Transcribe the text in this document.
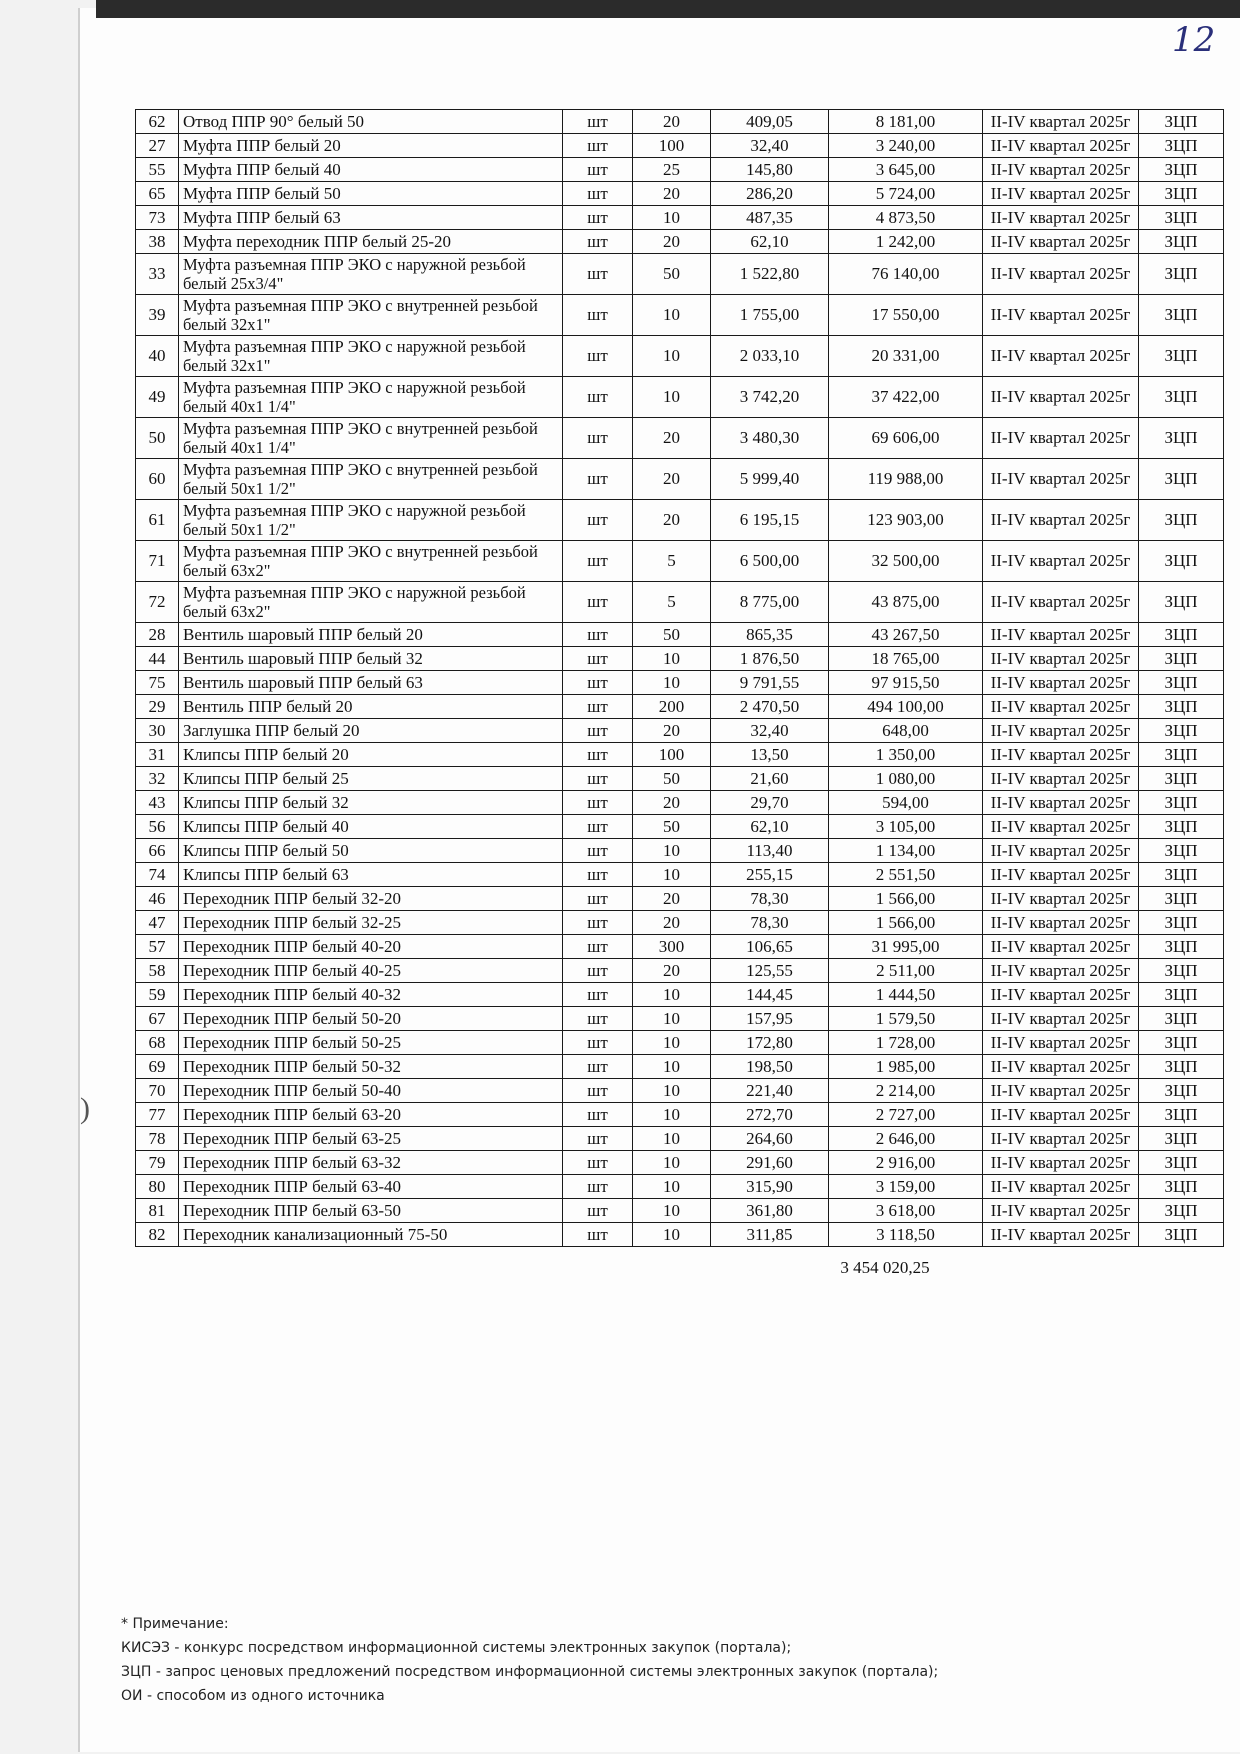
12
)
62	Отвод ППР 90° белый 50	шт	20	409,05	8 181,00	II-IV квартал 2025г	ЗЦП
27	Муфта ППР белый 20	шт	100	32,40	3 240,00	II-IV квартал 2025г	ЗЦП
55	Муфта ППР белый 40	шт	25	145,80	3 645,00	II-IV квартал 2025г	ЗЦП
65	Муфта ППР белый 50	шт	20	286,20	5 724,00	II-IV квартал 2025г	ЗЦП
73	Муфта ППР белый 63	шт	10	487,35	4 873,50	II-IV квартал 2025г	ЗЦП
38	Муфта переходник ППР белый 25-20	шт	20	62,10	1 242,00	II-IV квартал 2025г	ЗЦП
33	Муфта разъемная ППР ЭКО с наружной резьбой белый 25х3/4"	шт	50	1 522,80	76 140,00	II-IV квартал 2025г	ЗЦП
39	Муфта разъемная ППР ЭКО с внутренней резьбой белый 32х1"	шт	10	1 755,00	17 550,00	II-IV квартал 2025г	ЗЦП
40	Муфта разъемная ППР ЭКО с наружной резьбой белый 32х1"	шт	10	2 033,10	20 331,00	II-IV квартал 2025г	ЗЦП
49	Муфта разъемная ППР ЭКО с наружной резьбой белый 40х1 1/4"	шт	10	3 742,20	37 422,00	II-IV квартал 2025г	ЗЦП
50	Муфта разъемная ППР ЭКО с внутренней резьбой белый 40х1 1/4"	шт	20	3 480,30	69 606,00	II-IV квартал 2025г	ЗЦП
60	Муфта разъемная ППР ЭКО с внутренней резьбой белый 50х1 1/2"	шт	20	5 999,40	119 988,00	II-IV квартал 2025г	ЗЦП
61	Муфта разъемная ППР ЭКО с наружной резьбой белый 50х1 1/2"	шт	20	6 195,15	123 903,00	II-IV квартал 2025г	ЗЦП
71	Муфта разъемная ППР ЭКО с внутренней резьбой белый 63х2"	шт	5	6 500,00	32 500,00	II-IV квартал 2025г	ЗЦП
72	Муфта разъемная ППР ЭКО с наружной резьбой белый 63х2"	шт	5	8 775,00	43 875,00	II-IV квартал 2025г	ЗЦП
28	Вентиль шаровый ППР белый 20	шт	50	865,35	43 267,50	II-IV квартал 2025г	ЗЦП
44	Вентиль шаровый ППР белый 32	шт	10	1 876,50	18 765,00	II-IV квартал 2025г	ЗЦП
75	Вентиль шаровый ППР белый 63	шт	10	9 791,55	97 915,50	II-IV квартал 2025г	ЗЦП
29	Вентиль ППР белый 20	шт	200	2 470,50	494 100,00	II-IV квартал 2025г	ЗЦП
30	Заглушка ППР белый 20	шт	20	32,40	648,00	II-IV квартал 2025г	ЗЦП
31	Клипсы ППР белый 20	шт	100	13,50	1 350,00	II-IV квартал 2025г	ЗЦП
32	Клипсы ППР белый 25	шт	50	21,60	1 080,00	II-IV квартал 2025г	ЗЦП
43	Клипсы ППР белый 32	шт	20	29,70	594,00	II-IV квартал 2025г	ЗЦП
56	Клипсы ППР белый 40	шт	50	62,10	3 105,00	II-IV квартал 2025г	ЗЦП
66	Клипсы ППР белый 50	шт	10	113,40	1 134,00	II-IV квартал 2025г	ЗЦП
74	Клипсы ППР белый 63	шт	10	255,15	2 551,50	II-IV квартал 2025г	ЗЦП
46	Переходник ППР белый 32-20	шт	20	78,30	1 566,00	II-IV квартал 2025г	ЗЦП
47	Переходник ППР белый 32-25	шт	20	78,30	1 566,00	II-IV квартал 2025г	ЗЦП
57	Переходник ППР белый 40-20	шт	300	106,65	31 995,00	II-IV квартал 2025г	ЗЦП
58	Переходник ППР белый 40-25	шт	20	125,55	2 511,00	II-IV квартал 2025г	ЗЦП
59	Переходник ППР белый 40-32	шт	10	144,45	1 444,50	II-IV квартал 2025г	ЗЦП
67	Переходник ППР белый 50-20	шт	10	157,95	1 579,50	II-IV квартал 2025г	ЗЦП
68	Переходник ППР белый 50-25	шт	10	172,80	1 728,00	II-IV квартал 2025г	ЗЦП
69	Переходник ППР белый 50-32	шт	10	198,50	1 985,00	II-IV квартал 2025г	ЗЦП
70	Переходник ППР белый 50-40	шт	10	221,40	2 214,00	II-IV квартал 2025г	ЗЦП
77	Переходник ППР белый 63-20	шт	10	272,70	2 727,00	II-IV квартал 2025г	ЗЦП
78	Переходник ППР белый 63-25	шт	10	264,60	2 646,00	II-IV квартал 2025г	ЗЦП
79	Переходник ППР белый 63-32	шт	10	291,60	2 916,00	II-IV квартал 2025г	ЗЦП
80	Переходник ППР белый 63-40	шт	10	315,90	3 159,00	II-IV квартал 2025г	ЗЦП
81	Переходник ППР белый 63-50	шт	10	361,80	3 618,00	II-IV квартал 2025г	ЗЦП
82	Переходник канализационный 75-50	шт	10	311,85	3 118,50	II-IV квартал 2025г	ЗЦП
3 454 020,25
* Примечание:
КИСЭЗ - конкурс посредством информационной системы электронных закупок (портала);
ЗЦП - запрос ценовых предложений посредством информационной системы электронных закупок (портала);
ОИ - способом из одного источника
